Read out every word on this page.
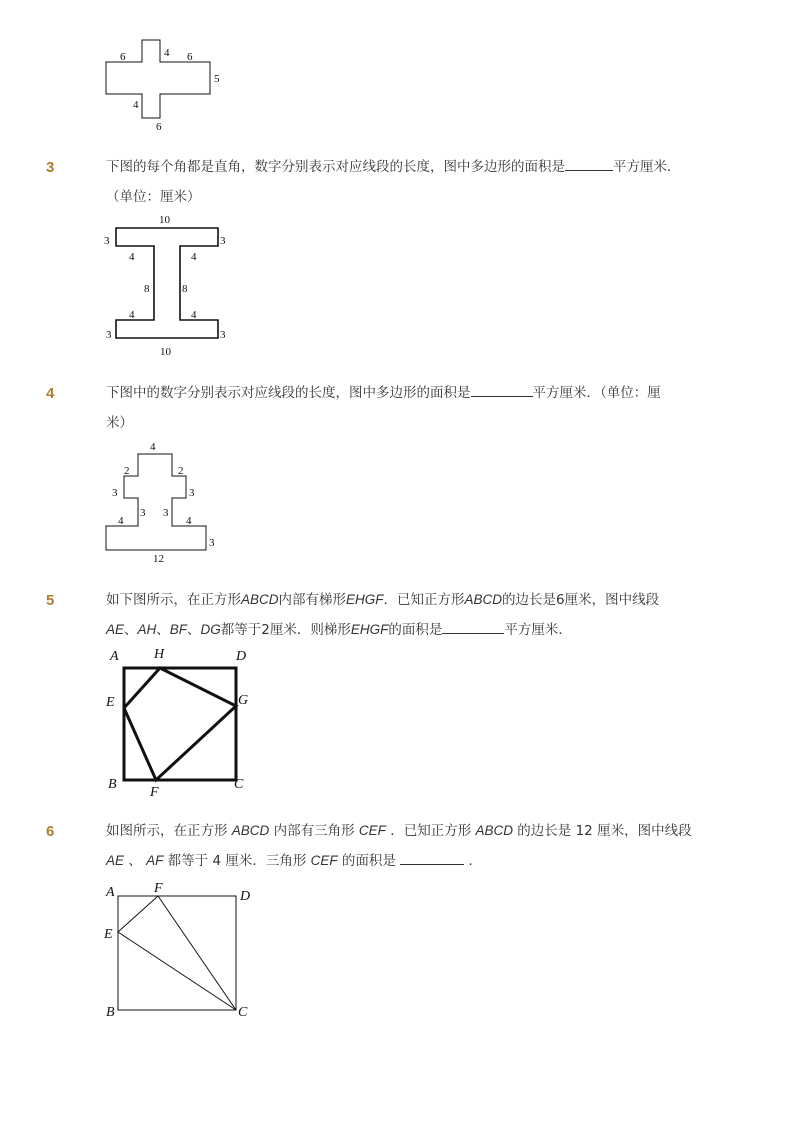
6	4 6
5
4
6
3	下图的每个角都是直角，数字分别表示对应线段的长度，图中多边形的面积是	平方厘米．
（单位：厘米）
10
3	3
4	4
8	8
4	4
3	3
10
4	下图中的数字分别表示对应线段的长度，图中多边形的面积是	平方厘米．（单位：厘
米）
4
2	2
3	3
3 3
4	4
12
3
5	如下图所示，在正方形ABCD内部有梯形EHGF．已知正方形ABCD的边长是6厘米，图中线段
AE、AH、BF、DG都等于2厘米．则梯形EHGF的面积是	平方厘米．
A	H	D
E	G
B
F
C
6	如图所示，在正方形 ABCD 内部有三角形 CEF ．已知正方形 ABCD 的边长是 12 厘米，图中线段
AE 、 AF 都等于 4 厘米．三角形 CEF 的面积是	．
A	F
D
E
B	C
